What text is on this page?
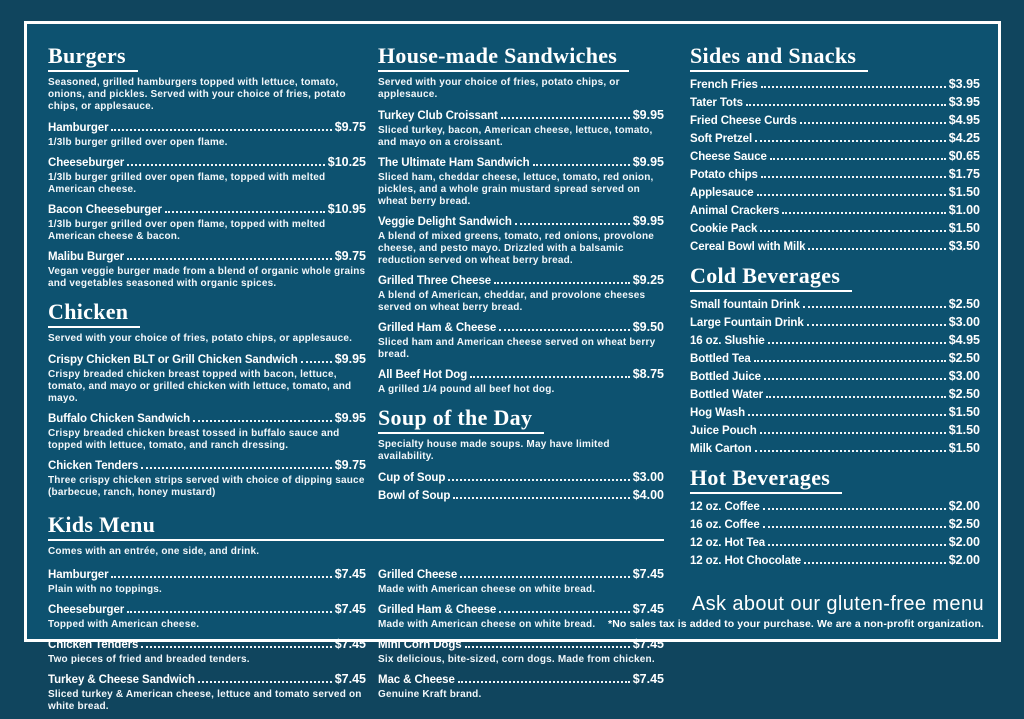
Burgers

Seasoned, grilled hamburgers topped with lettuce, tomato, onions, and pickles. Served with your choice of fries, potato chips, or applesauce.

Hamburger	$9.75
1/3lb burger grilled over open flame.
Cheeseburger	$10.25
1/3lb burger grilled over open flame, topped with melted American cheese.
Bacon Cheeseburger	$10.95
1/3lb burger grilled over open flame, topped with melted American cheese & bacon.
Malibu Burger	$9.75
Vegan veggie burger made from a blend of organic whole grains and vegetables seasoned with organic spices.
Chicken

Served with your choice of fries, potato chips, or applesauce.

Crispy Chicken BLT or Grill Chicken Sandwich	$9.95
Crispy breaded chicken breast topped with bacon, lettuce, tomato, and mayo or grilled chicken with lettuce, tomato, and mayo.
Buffalo Chicken Sandwich	$9.95
Crispy breaded chicken breast tossed in buffalo sauce and topped with lettuce, tomato, and ranch dressing.
Chicken Tenders	$9.75
Three crispy chicken strips served with choice of dipping sauce (barbecue, ranch, honey mustard)
House-made Sandwiches

Served with your choice of fries, potato chips, or applesauce.

Turkey Club Croissant	$9.95
Sliced turkey, bacon, American cheese, lettuce, tomato, and mayo on a croissant.
The Ultimate Ham Sandwich	$9.95
Sliced ham, cheddar cheese, lettuce, tomato, red onion, pickles, and a whole grain mustard spread served on wheat berry bread.
Veggie Delight Sandwich	$9.95
A blend of mixed greens, tomato, red onions, provolone cheese, and pesto mayo. Drizzled with a balsamic reduction served on wheat berry bread.
Grilled Three Cheese	$9.25
A blend of American, cheddar, and provolone cheeses served on wheat berry bread.
Grilled Ham & Cheese	$9.50
Sliced ham and American cheese served on wheat berry bread.
All Beef Hot Dog	$8.75
A grilled 1/4 pound all beef hot dog.
Soup of the Day

Specialty house made soups. May have limited availability.

Cup of Soup	$3.00
Bowl of Soup	$4.00
Kids Menu

Comes with an entrée, one side, and drink.

Hamburger	$7.45
Plain with no toppings.
Cheeseburger	$7.45
Topped with American cheese.
Chicken Tenders	$7.45
Two pieces of fried and breaded tenders.
Turkey & Cheese Sandwich	$7.45
Sliced turkey & American cheese, lettuce and tomato served on white bread.
Grilled Cheese	$7.45
Made with American cheese on white bread.
Grilled Ham & Cheese	$7.45
Made with American cheese on white bread.
Mini Corn Dogs	$7.45
Six delicious, bite-sized, corn dogs. Made from chicken.
Mac & Cheese	$7.45
Genuine Kraft brand.
Sides and Snacks
French Fries	$3.95
Tater Tots	$3.95
Fried Cheese Curds	$4.95
Soft Pretzel	$4.25
Cheese Sauce	$0.65
Potato chips	$1.75
Applesauce	$1.50
Animal Crackers	$1.00
Cookie Pack	$1.50
Cereal Bowl with Milk	$3.50
Cold Beverages
Small fountain Drink	$2.50
Large Fountain Drink	$3.00
16 oz. Slushie	$4.95
Bottled Tea	$2.50
Bottled Juice	$3.00
Bottled Water	$2.50
Hog Wash	$1.50
Juice Pouch	$1.50
Milk Carton	$1.50
Hot Beverages
12 oz. Coffee	$2.00
16 oz. Coffee	$2.50
12 oz. Hot Tea	$2.00
12 oz. Hot Chocolate	$2.00
Ask about our gluten-free menu
*No sales tax is added to your purchase. We are a non-profit organization.
